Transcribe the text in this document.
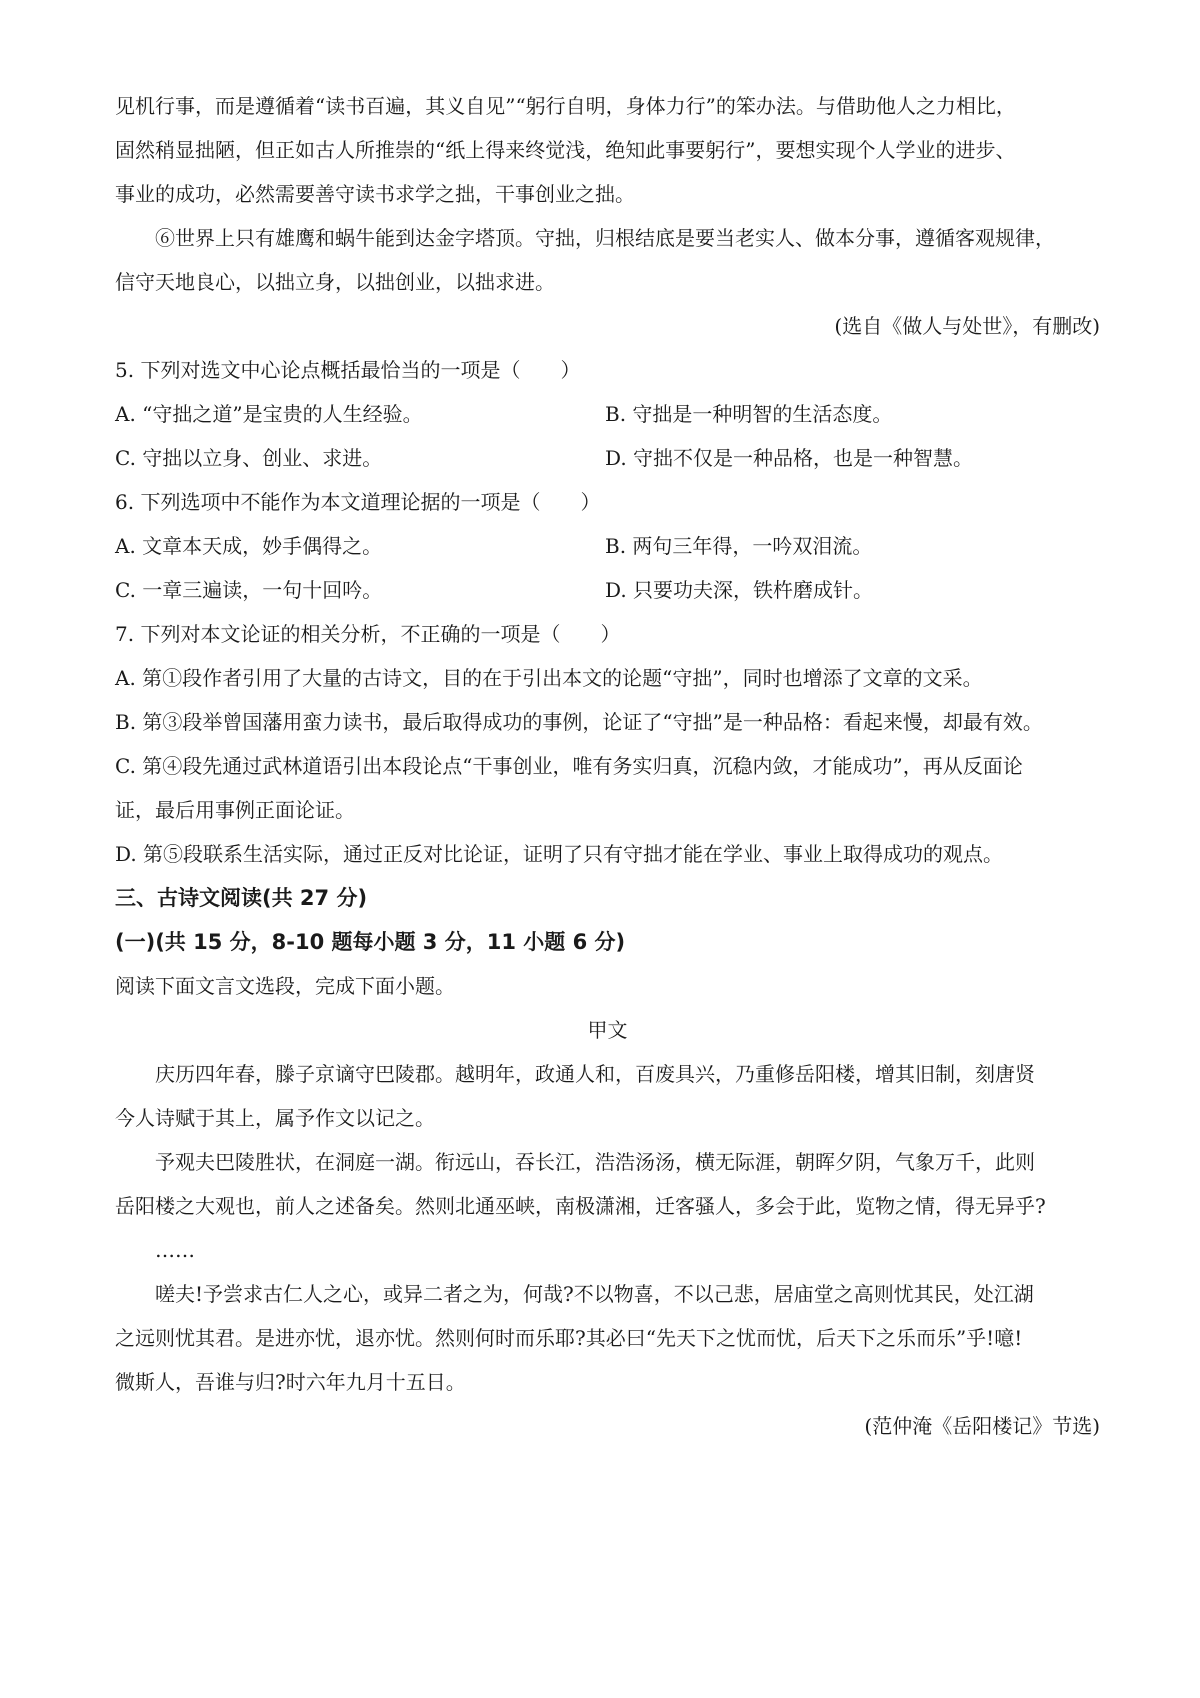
见机行事，而是遵循着“读书百遍，其义自见”“躬行自明，身体力行”的笨办法。与借助他人之力相比，
固然稍显拙陋，但正如古人所推崇的“纸上得来终觉浅，绝知此事要躬行”，要想实现个人学业的进步、
事业的成功，必然需要善守读书求学之拙，干事创业之拙。
⑥世界上只有雄鹰和蜗牛能到达金字塔顶。守拙，归根结底是要当老实人、做本分事，遵循客观规律，
信守天地良心，以拙立身，以拙创业，以拙求进。
(选自《做人与处世》，有删改)
5. 下列对选文中心论点概括最恰当的一项是（　　）
A. “守拙之道”是宝贵的人生经验。	B. 守拙是一种明智的生活态度。
C. 守拙以立身、创业、求进。	D. 守拙不仅是一种品格，也是一种智慧。
6. 下列选项中不能作为本文道理论据的一项是（　　）
A. 文章本天成，妙手偶得之。	B. 两句三年得，一吟双泪流。
C. 一章三遍读，一句十回吟。	D. 只要功夫深，铁杵磨成针。
7. 下列对本文论证的相关分析，不正确的一项是（　　）
A. 第①段作者引用了大量的古诗文，目的在于引出本文的论题“守拙”，同时也增添了文章的文采。
B. 第③段举曾国藩用蛮力读书，最后取得成功的事例，论证了“守拙”是一种品格：看起来慢，却最有效。
C. 第④段先通过武林道语引出本段论点“干事创业，唯有务实归真，沉稳内敛，才能成功”，再从反面论
证，最后用事例正面论证。
D. 第⑤段联系生活实际，通过正反对比论证，证明了只有守拙才能在学业、事业上取得成功的观点。
三、古诗文阅读(共 27 分)
(一)(共 15 分，8-10 题每小题 3 分，11 小题 6 分)
阅读下面文言文选段，完成下面小题。
甲文
庆历四年春，滕子京谪守巴陵郡。越明年，政通人和，百废具兴，乃重修岳阳楼，增其旧制，刻唐贤
今人诗赋于其上，属予作文以记之。
予观夫巴陵胜状，在洞庭一湖。衔远山，吞长江，浩浩汤汤，横无际涯，朝晖夕阴，气象万千，此则
岳阳楼之大观也，前人之述备矣。然则北通巫峡，南极潇湘，迁客骚人，多会于此，览物之情，得无异乎?
……
嗟夫!予尝求古仁人之心，或异二者之为，何哉?不以物喜，不以己悲，居庙堂之高则忧其民，处江湖
之远则忧其君。是进亦忧，退亦忧。然则何时而乐耶?其必曰“先天下之忧而忧，后天下之乐而乐”乎!噫!
微斯人，吾谁与归?时六年九月十五日。
(范仲淹《岳阳楼记》节选)
